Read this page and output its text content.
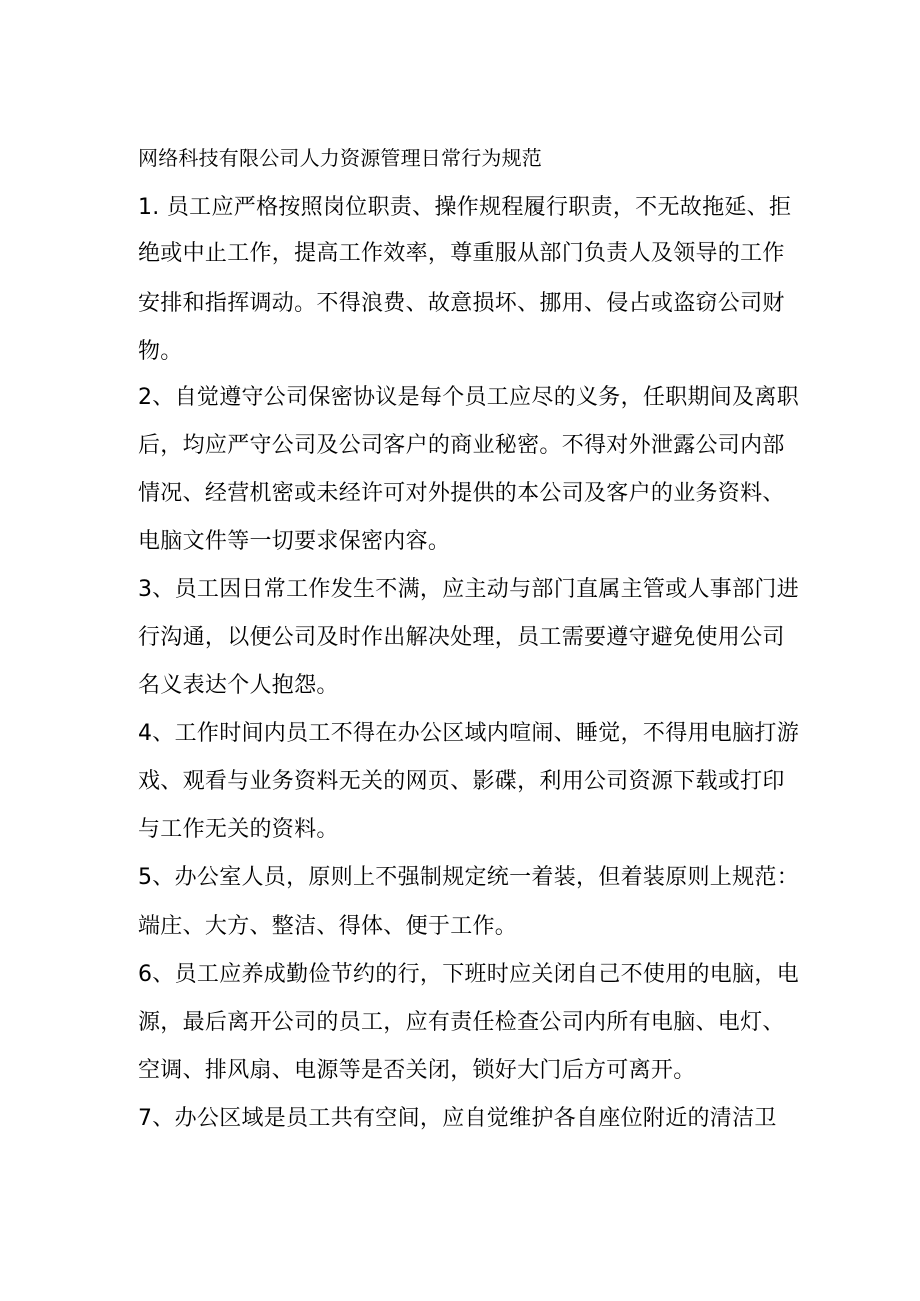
网络科技有限公司人力资源管理日常行为规范
1. 员工应严格按照岗位职责、操作规程履行职责，不无故拖延、拒
绝或中止工作，提高工作效率，尊重服从部门负责人及领导的工作
安排和指挥调动。不得浪费、故意损坏、挪用、侵占或盗窃公司财
物。
2、自觉遵守公司保密协议是每个员工应尽的义务，任职期间及离职
后，均应严守公司及公司客户的商业秘密。不得对外泄露公司内部
情况、经营机密或未经许可对外提供的本公司及客户的业务资料、
电脑文件等一切要求保密内容。
3、员工因日常工作发生不满，应主动与部门直属主管或人事部门进
行沟通，以便公司及时作出解决处理，员工需要遵守避免使用公司
名义表达个人抱怨。
4、工作时间内员工不得在办公区域内喧闹、睡觉，不得用电脑打游
戏、观看与业务资料无关的网页、影碟，利用公司资源下载或打印
与工作无关的资料。
5、办公室人员，原则上不强制规定统一着装，但着装原则上规范：
端庄、大方、整洁、得体、便于工作。
6、员工应养成勤俭节约的行，下班时应关闭自己不使用的电脑，电
源，最后离开公司的员工，应有责任检查公司内所有电脑、电灯、
空调、排风扇、电源等是否关闭，锁好大门后方可离开。
7、办公区域是员工共有空间，应自觉维护各自座位附近的清洁卫
